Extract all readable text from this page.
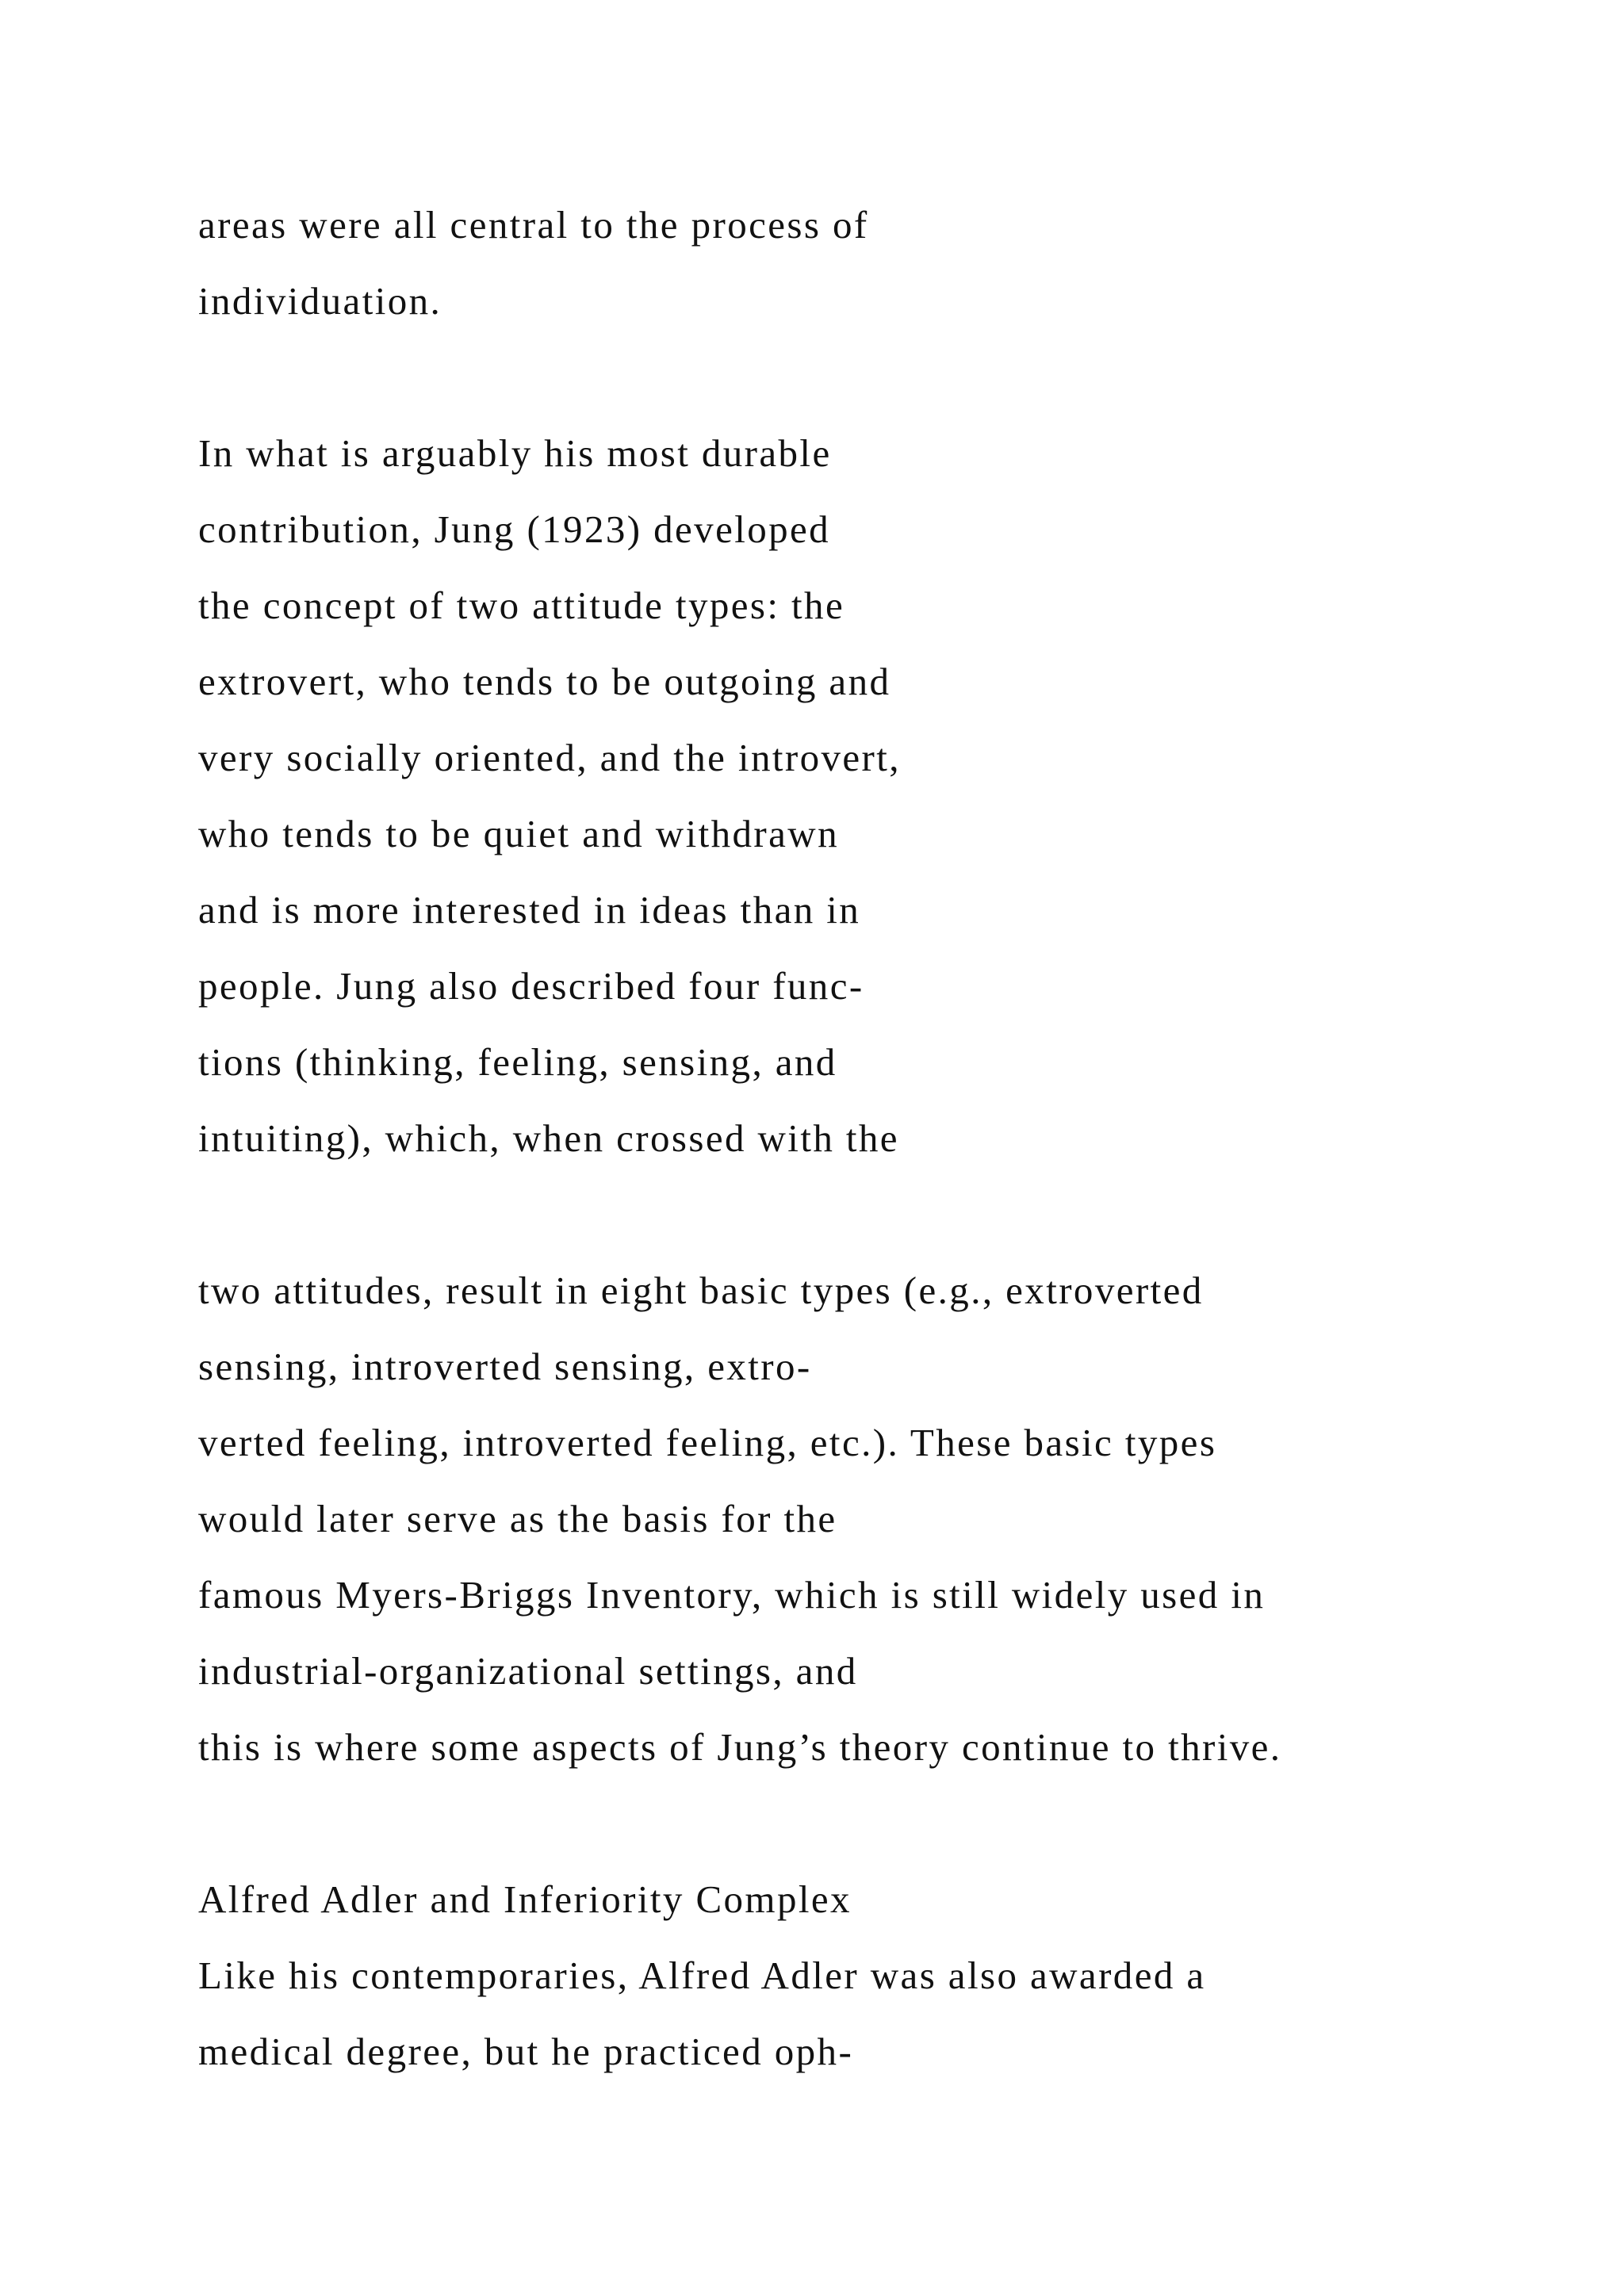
areas were all central to the process of

individuation.

In what is arguably his most durable

contribution, Jung (1923) developed

the concept of two attitude types: the

extrovert, who tends to be outgoing and

very socially oriented, and the introvert,

who tends to be quiet and withdrawn

and is more interested in ideas than in

people. Jung also described four func-

tions (thinking, feeling, sensing, and

intuiting), which, when crossed with the

two attitudes, result in eight basic types (e.g., extroverted

sensing, introverted sensing, extro-

verted feeling, introverted feeling, etc.). These basic types

would later serve as the basis for the

famous Myers-Briggs Inventory, which is still widely used in

industrial-organizational settings, and

this is where some aspects of Jung’s theory continue to thrive.

Alfred Adler and Inferiority Complex

Like his contemporaries, Alfred Adler was also awarded a

medical degree, but he practiced oph-
